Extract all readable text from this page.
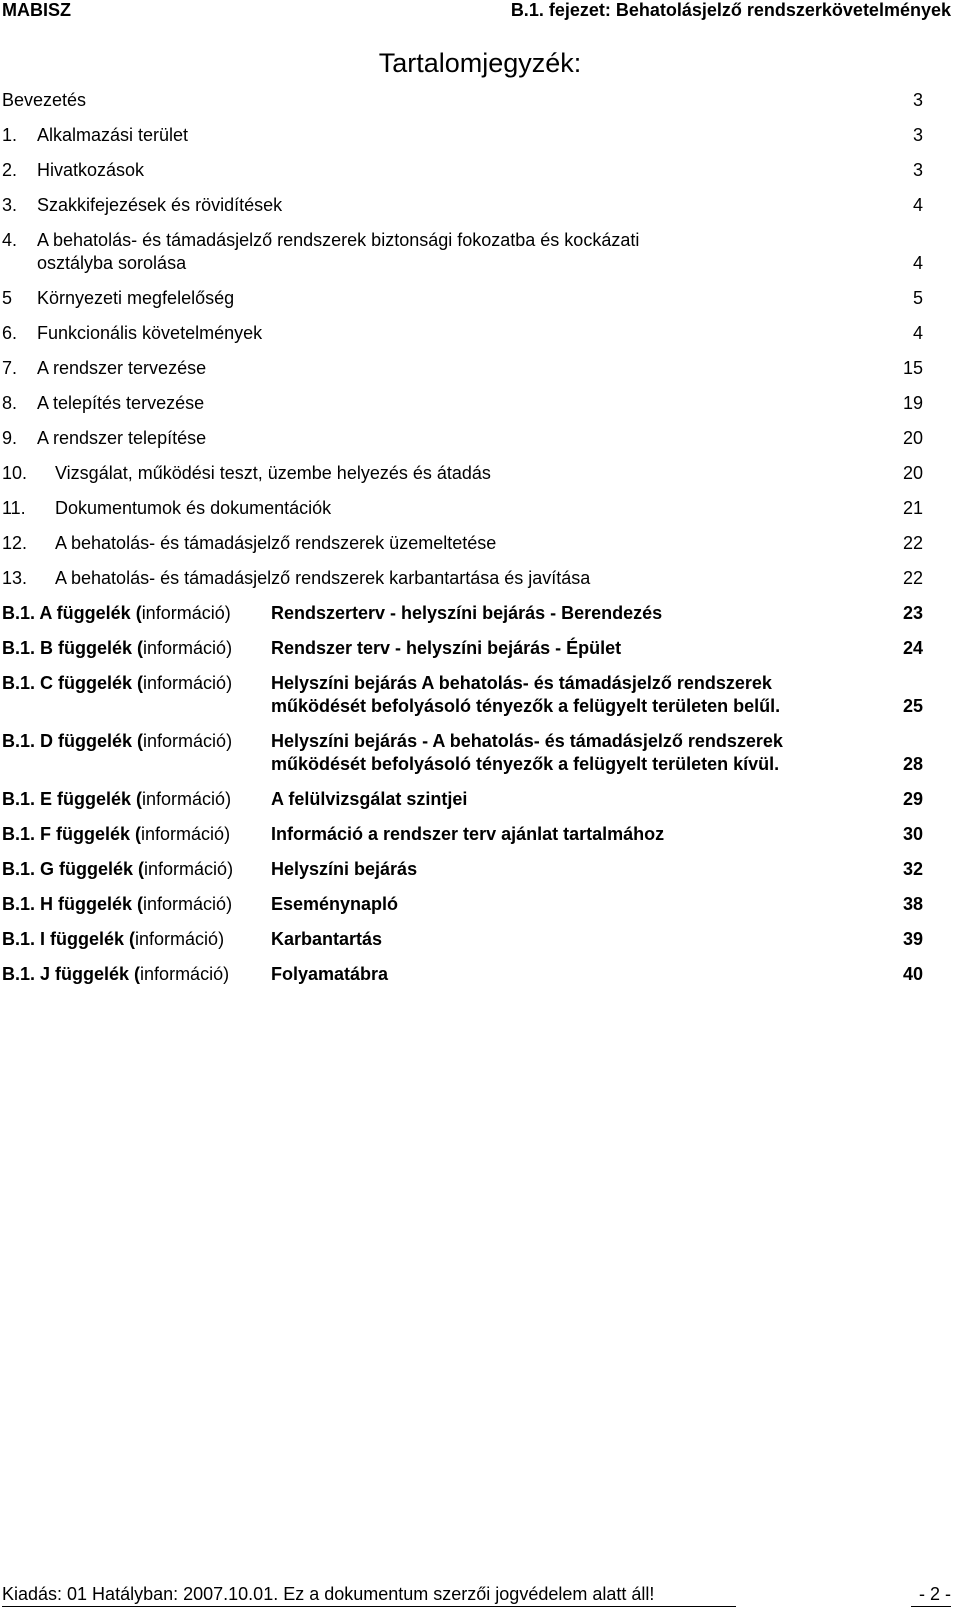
MABISZ	B.1. fejezet: Behatolásjelző rendszerkövetelmények
Tartalomjegyzék:
Bevezetés	3
1. Alkalmazási terület	3
2. Hivatkozások	3
3. Szakkifejezések és rövidítések	4
4. A behatolás- és támadásjelző rendszerek biztonsági fokozatba és kockázati
osztályba sorolása	4
5 Környezeti megfelelőség	5
6. Funkcionális követelmények	4
7. A rendszer tervezése	15
8. A telepítés tervezése	19
9. A rendszer telepítése	20
10. Vizsgálat, működési teszt, üzembe helyezés és átadás	20
11. Dokumentumok és dokumentációk	21
12. A behatolás- és támadásjelző rendszerek üzemeltetése	22
13. A behatolás- és támadásjelző rendszerek karbantartása és javítása	22
B.1. A függelék (információ) Rendszerterv - helyszíni bejárás - Berendezés	23
B.1. B függelék (információ) Rendszer terv - helyszíni bejárás - Épület	24
B.1. C függelék (információ) Helyszíni bejárás A behatolás- és támadásjelző rendszerek
működését befolyásoló tényezők a felügyelt területen belűl.	25
B.1. D függelék (információ) Helyszíni bejárás - A behatolás- és támadásjelző rendszerek
működését befolyásoló tényezők a felügyelt területen kívül.	28
B.1. E függelék (információ) A felülvizsgálat szintjei	29
B.1. F függelék (információ) Információ a rendszer terv ajánlat tartalmához	30
B.1. G függelék (információ) Helyszíni bejárás	32
B.1. H függelék (információ) Eseménynapló	38
B.1. I függelék (információ)	Karbantartás	39
B.1. J függelék (információ) Folyamatábra	40
Kiadás: 01 Hatályban: 2007.10.01. Ez a dokumentum szerzői jogvédelem alatt áll!	- 2 -
